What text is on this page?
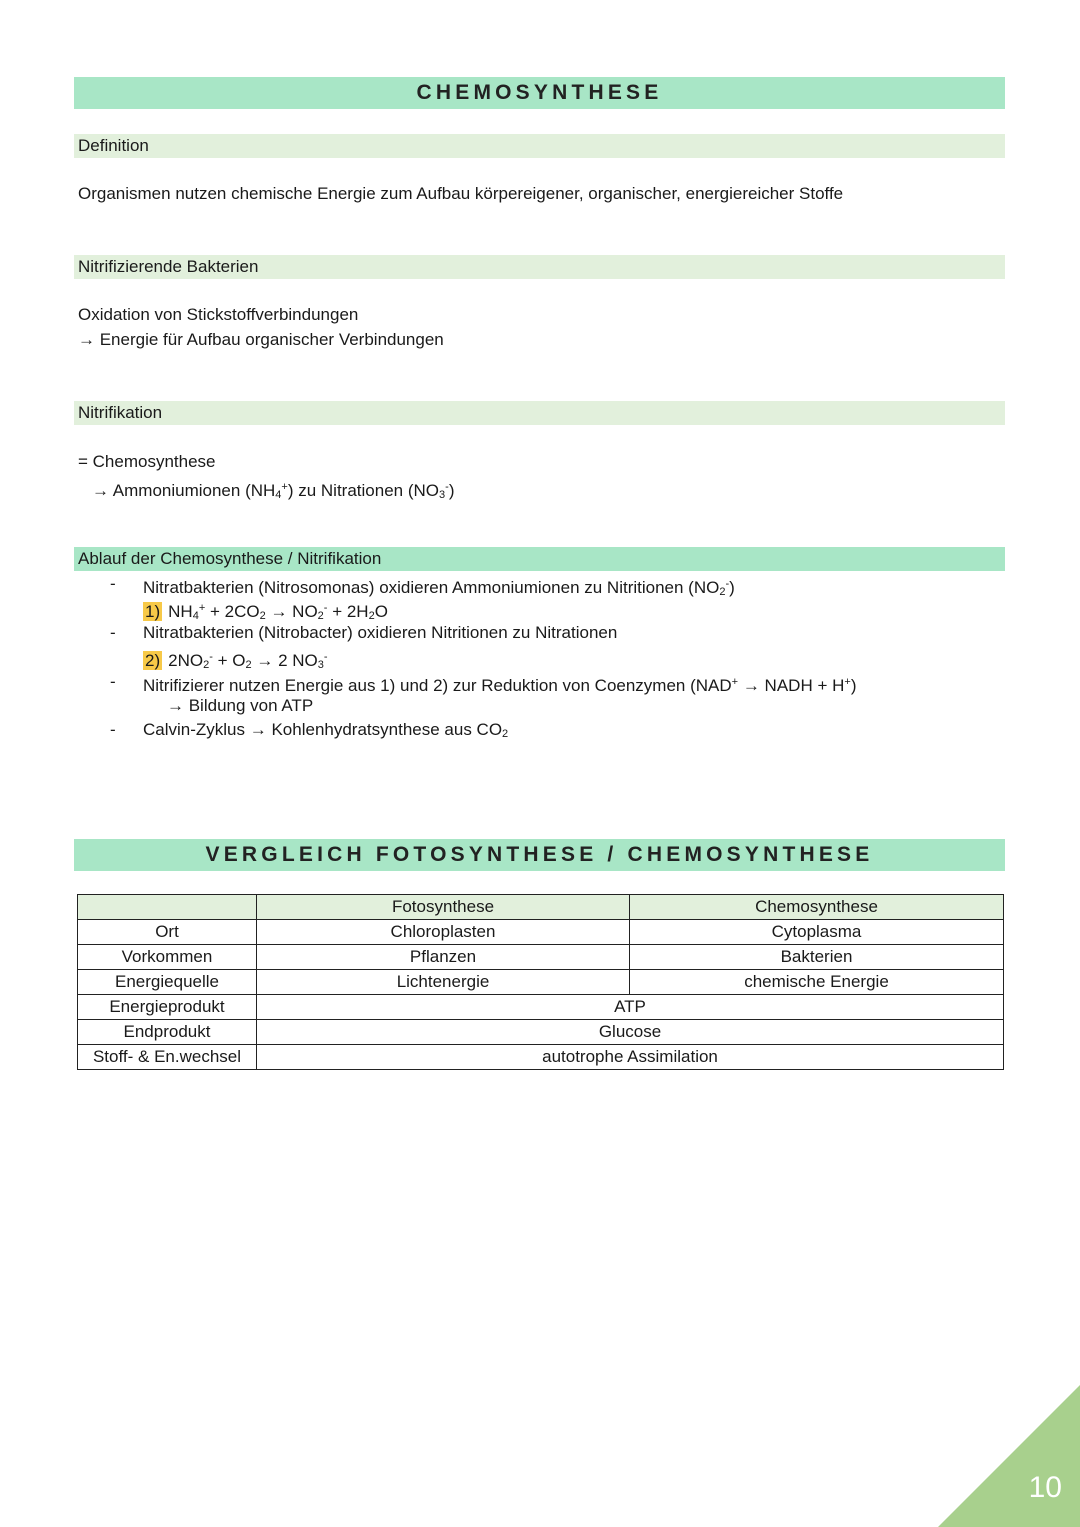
CHEMOSYNTHESE
Definition
Organismen nutzen chemische Energie zum Aufbau körpereigener, organischer, energiereicher Stoffe
Nitrifizierende Bakterien
Oxidation von Stickstoffverbindungen
→ Energie für Aufbau organischer Verbindungen
Nitrifikation
= Chemosynthese
→ Ammoniumionen $(NH_4^+)$ zu Nitrationen $(NO_3^-)$
Ablauf der Chemosynthese / Nitrifikation
- Nitratbakterien (Nitrosomonas) oxidieren Ammoniumionen zu Nitritionen $(NO_2^-)$
1) $NH_4^+ + 2CO_2 \to NO_2^- + 2H_2O$
- Nitratbakterien (Nitrobacter) oxidieren Nitritionen zu Nitrationen
2) $2NO_2^- + O_2 \to 2$ $NO_3^-$
- Nitrifizierer nutzen Energie aus 1) und 2) zur Reduktion von Coenzymen (NAD+ → NADH + H+)
→ Bildung von ATP
- Calvin-Zyklus → Kohlenhydratsynthese aus $CO_2$
VERGLEICH FOTOSYNTHESE / CHEMOSYNTHESE
	Fotosynthese	Chemosynthese
Ort	Chloroplasten	Cytoplasma
Vorkommen	Pflanzen	Bakterien
Energiequelle	Lichtenergie	chemische Energie
Energieprodukt	ATP	
Endprodukt	Glucose	
Stoff- & En.wechsel	autotrophe Assimilation	
10
